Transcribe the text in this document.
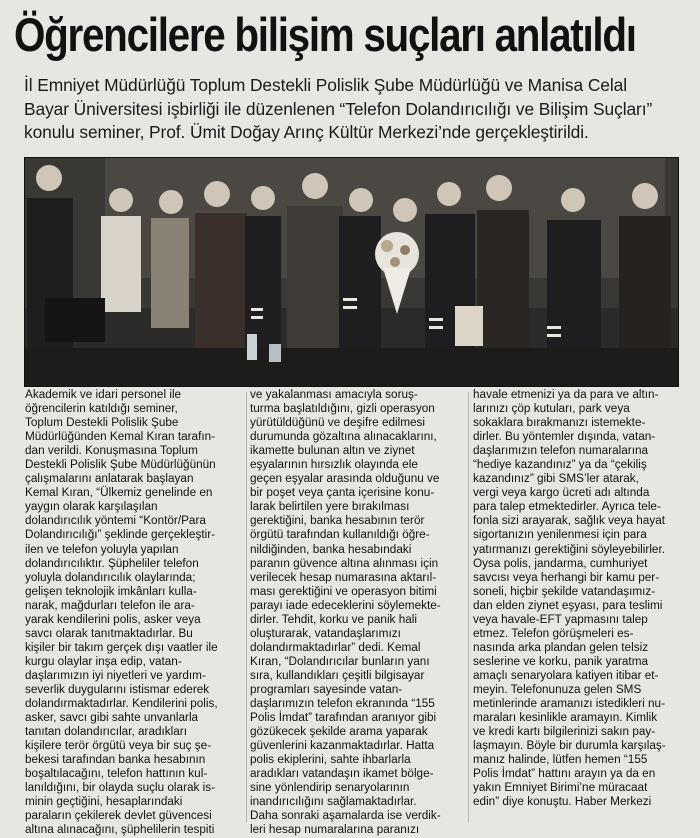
Öğrencilere bilişim suçları anlatıldı
İl Emniyet Müdürlüğü Toplum Destekli Polislik Şube Müdürlüğü ve Manisa Celal
Bayar Üniversitesi işbirliği ile düzenlenen “Telefon Dolandırıcılığı ve Bilişim Suçları”
konulu seminer, Prof. Ümit Doğay Arınç Kültür Merkezi’nde gerçekleştirildi.
Akademik ve idari personel ile
öğrencilerin katıldığı seminer,
Toplum Destekli Polislik Şube
Müdürlüğünden Kemal Kıran tarafın-
dan verildi. Konuşmasına Toplum
Destekli Polislik Şube Müdürlüğünün
çalışmalarını anlatarak başlayan
Kemal Kıran, “Ülkemiz genelinde en
yaygın olarak karşılaşılan
dolandırıcılık yöntemi “Kontör/Para
Dolandırıcılığı” şeklinde gerçekleştir-
ilen ve telefon yoluyla yapılan
dolandırıcılıktır. Şüpheliler telefon
yoluyla dolandırıcılık olaylarında;
gelişen teknolojik imkânları kulla-
narak, mağdurları telefon ile ara-
yarak kendilerini polis, asker veya
savcı olarak tanıtmaktadırlar. Bu
kişiler bir takım gerçek dışı vaatler ile
kurgu olaylar inşa edip, vatan-
daşlarımızın iyi niyetleri ve yardım-
severlik duygularını istismar ederek
dolandırmaktadırlar. Kendilerini polis,
asker, savcı gibi sahte unvanlarla
tanıtan dolandırıcılar, aradıkları
kişilere terör örgütü veya bir suç şe-
bekesi tarafından banka hesabının
boşaltılacağını, telefon hattının kul-
lanıldığını, bir olayda suçlu olarak is-
minin geçtiğini, hesaplarındaki
paraların çekilerek devlet güvencesi
altına alınacağını, şüphelilerin tespiti
ve yakalanması amacıyla soruş-
turma başlatıldığını, gizli operasyon
yürütüldüğünü ve deşifre edilmesi
durumunda gözaltına alınacaklarını,
ikamette bulunan altın ve ziynet
eşyalarının hırsızlık olayında ele
geçen eşyalar arasında olduğunu ve
bir poşet veya çanta içerisine konu-
larak belirtilen yere bırakılması
gerektiğini, banka hesabının terör
örgütü tarafından kullanıldığı öğre-
nildiğinden, banka hesabındaki
paranın güvence altına alınması için
verilecek hesap numarasına aktarıl-
ması gerektiğini ve operasyon bitimi
parayı iade edeceklerini söylemekte-
dirler. Tehdit, korku ve panik hali
oluşturarak, vatandaşlarımızı
dolandırmaktadırlar” dedi. Kemal
Kıran, “Dolandırıcılar bunların yanı
sıra, kullandıkları çeşitli bilgisayar
programları sayesinde vatan-
daşlarımızın telefon ekranında “155
Polis İmdat” tarafından aranıyor gibi
gözükecek şekilde arama yaparak
güvenlerini kazanmaktadırlar. Hatta
polis ekiplerini, sahte ihbarlarla
aradıkları vatandaşın ikamet bölge-
sine yönlendirip senaryolarının
inandırıcılığını sağlamaktadırlar.
Daha sonraki aşamalarda ise verdik-
leri hesap numaralarına paranızı
havale etmenizi ya da para ve altın-
larınızı çöp kutuları, park veya
sokaklara bırakmanızı istemekte-
dirler. Bu yöntemler dışında, vatan-
daşlarımızın telefon numaralarına
“hediye kazandınız” ya da “çekiliş
kazandınız” gibi SMS’ler atarak,
vergi veya kargo ücreti adı altında
para talep etmektedirler. Ayrıca tele-
fonla sizi arayarak, sağlık veya hayat
sigortanızın yenilenmesi için para
yatırmanızı gerektiğini söyleyebilirler.
Oysa polis, jandarma, cumhuriyet
savcısı veya herhangi bir kamu per-
soneli, hiçbir şekilde vatandaşımız-
dan elden ziynet eşyası, para teslimi
veya havale-EFT yapmasını talep
etmez. Telefon görüşmeleri es-
nasında arka plandan gelen telsiz
seslerine ve korku, panik yaratma
amaçlı senaryolara katiyen itibar et-
meyin. Telefonunuza gelen SMS
metinlerinde aramanızı istedikleri nu-
maraları kesinlikle aramayın. Kimlik
ve kredi kartı bilgilerinizi sakın pay-
laşmayın. Böyle bir durumla karşılaş-
manız halinde, lütfen hemen “155
Polis İmdat” hattını arayın ya da en
yakın Emniyet Birimi’ne müracaat
edin” diye konuştu. Haber Merkezi
